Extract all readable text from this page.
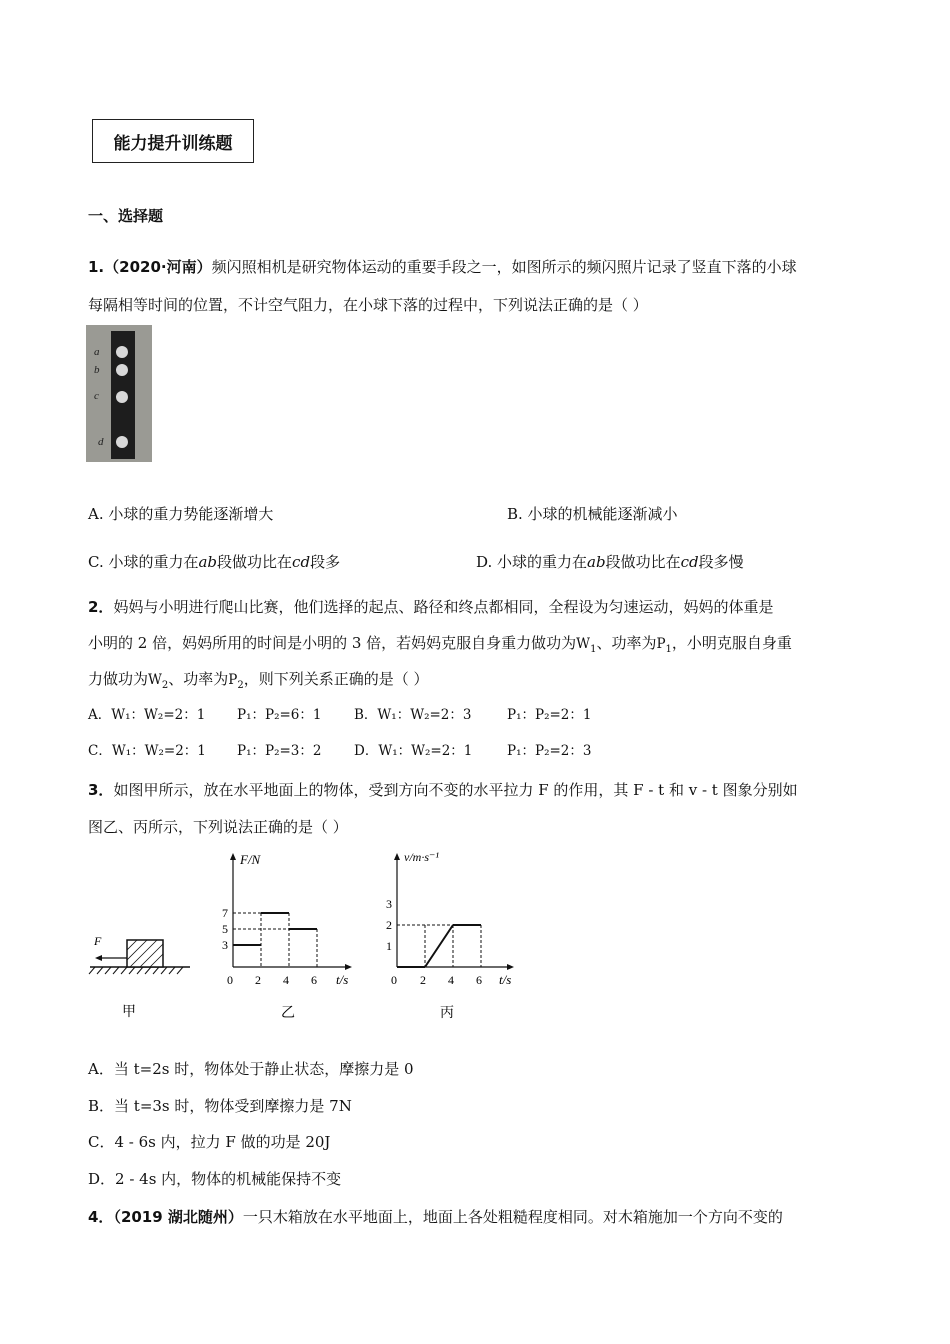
能力提升训练题
一、选择题
1.（2020·河南）频闪照相机是研究物体运动的重要手段之一，如图所示的频闪照片记录了竖直下落的小球
每隔相等时间的位置，不计空气阻力，在小球下落的过程中，下列说法正确的是（ ）
a
b
c
d
A. 小球的重力势能逐渐增大	B. 小球的机械能逐渐减小
C. 小球的重力在ab段做功比在cd段多	D. 小球的重力在ab段做功比在cd段多慢
2．妈妈与小明进行爬山比赛，他们选择的起点、路径和终点都相同，全程设为匀速运动，妈妈的体重是
小明的 2 倍，妈妈所用的时间是小明的 3 倍，若妈妈克服自身重力做功为$W_1$、功率为$P_1$，小明克服自身重
力做功为$W_2$、功率为$P_2$，则下列关系正确的是（ ）
A．W₁：W₂=2：1 P₁：P₂=6：1 B．W₁：W₂=2：3	P₁：P₂=2：1
C．W₁：W₂=2：1 P₁：P₂=3：2 D．W₁：W₂=2：1	P₁：P₂=2：3
3．如图甲所示，放在水平地面上的物体，受到方向不变的水平拉力 F 的作用，其 F - t 和 v - t 图象分别如
图乙、丙所示，下列说法正确的是（ ）
F
甲
F/N
t/s
7
5
3
0 2 4 6
乙
v/m·s⁻¹
t/s
3
2
1
0 2 4 6
丙
A．当 t=2s 时，物体处于静止状态，摩擦力是 0
B．当 t=3s 时，物体受到摩擦力是 7N
C．4 - 6s 内，拉力 F 做的功是 20J
D．2 - 4s 内，物体的机械能保持不变
4．（2019 湖北随州）一只木箱放在水平地面上，地面上各处粗糙程度相同。对木箱施加一个方向不变的
